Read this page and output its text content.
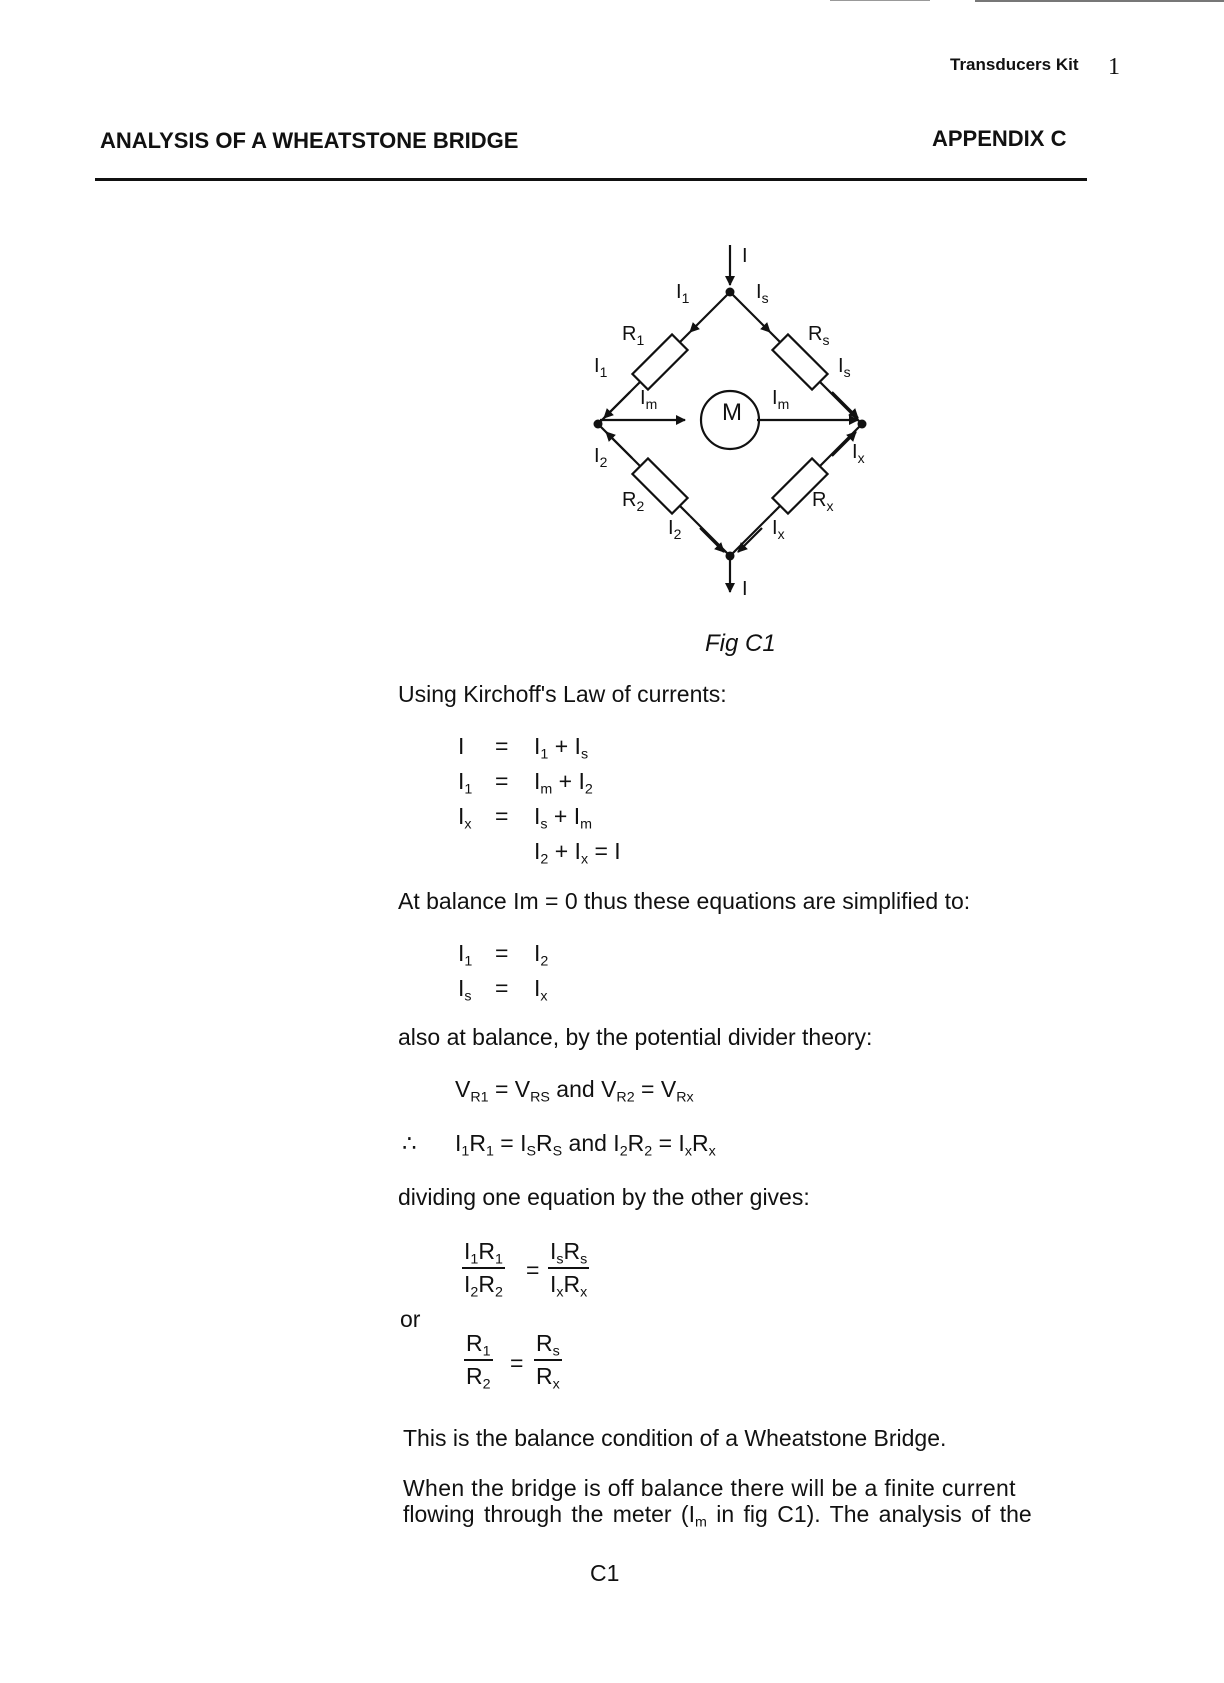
Transducers Kit 1
ANALYSIS OF A WHEATSTONE BRIDGE	APPENDIX C
M
I
I
$I_1$	$I_s$
$R_1$	$R_s$
$I_1$	$I_s$
$I_m$	$I_m$
$I_2$	$I_x$
$R_2$	$R_x$
$I_2$	$I_x$
Fig C1
Using Kirchoff's Law of currents:
$I = I_1 + I_s$
$I_1 = I_m + I_2$
$I_x = I_s + I_m$
$I_2 + I_x = I$
At balance Im = 0 thus these equations are simplified to:
$I_1 = I_2$
$I_s = I_x$
also at balance, by the potential divider theory:
$V_{R1} = V_{RS}$ and $V_{R2} = V_{Rx}$
∴ $I_1R_1 = I_SR_S$ and $I_2R_2 = I_xR_x$
dividing one equation by the other gives:
$\frac{I_1R_1}{I_2R_2}$ =
$I_sR_s$
$I_xR_x$
or
$\frac{R_1}{R_2} = \frac{R_s}{R_x}$
This is the balance condition of a Wheatstone Bridge.
When the bridge is off balance there will be a finite current
flowing through the meter ($I_m$ in fig C1). The analysis of the
C1
